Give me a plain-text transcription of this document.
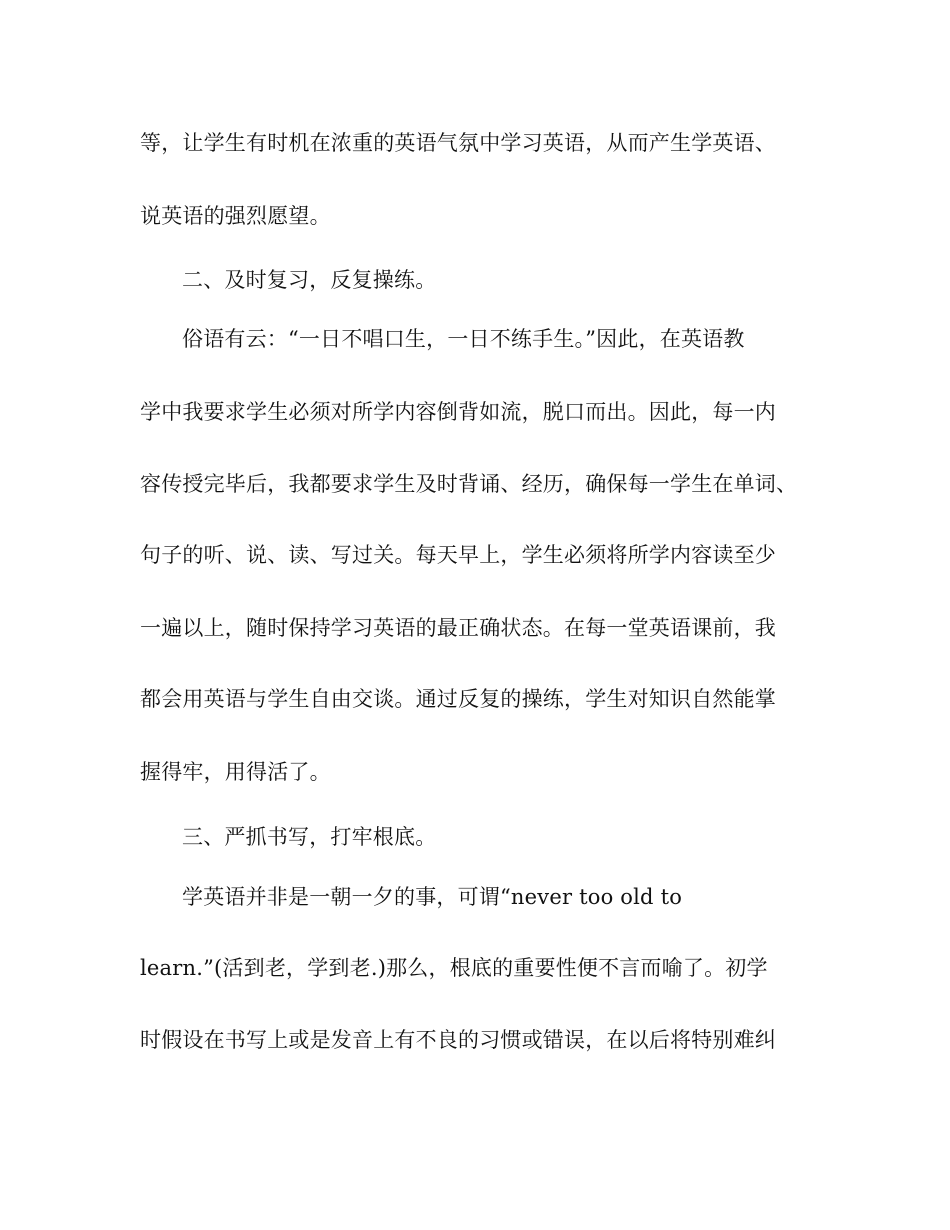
等，让学生有时机在浓重的英语气氛中学习英语，从而产生学英语、

说英语的强烈愿望。

二、及时复习，反复操练。

俗语有云：“一日不唱口生，一日不练手生。”因此，在英语教

学中我要求学生必须对所学内容倒背如流，脱口而出。因此，每一内

容传授完毕后，我都要求学生及时背诵、经历，确保每一学生在单词、

句子的听、说、读、写过关。每天早上，学生必须将所学内容读至少

一遍以上，随时保持学习英语的最正确状态。在每一堂英语课前，我

都会用英语与学生自由交谈。通过反复的操练，学生对知识自然能掌

握得牢，用得活了。

三、严抓书写，打牢根底。

学英语并非是一朝一夕的事，可谓“never too old to

learn.”(活到老，学到老.)那么，根底的重要性便不言而喻了。初学

时假设在书写上或是发音上有不良的习惯或错误，在以后将特别难纠
